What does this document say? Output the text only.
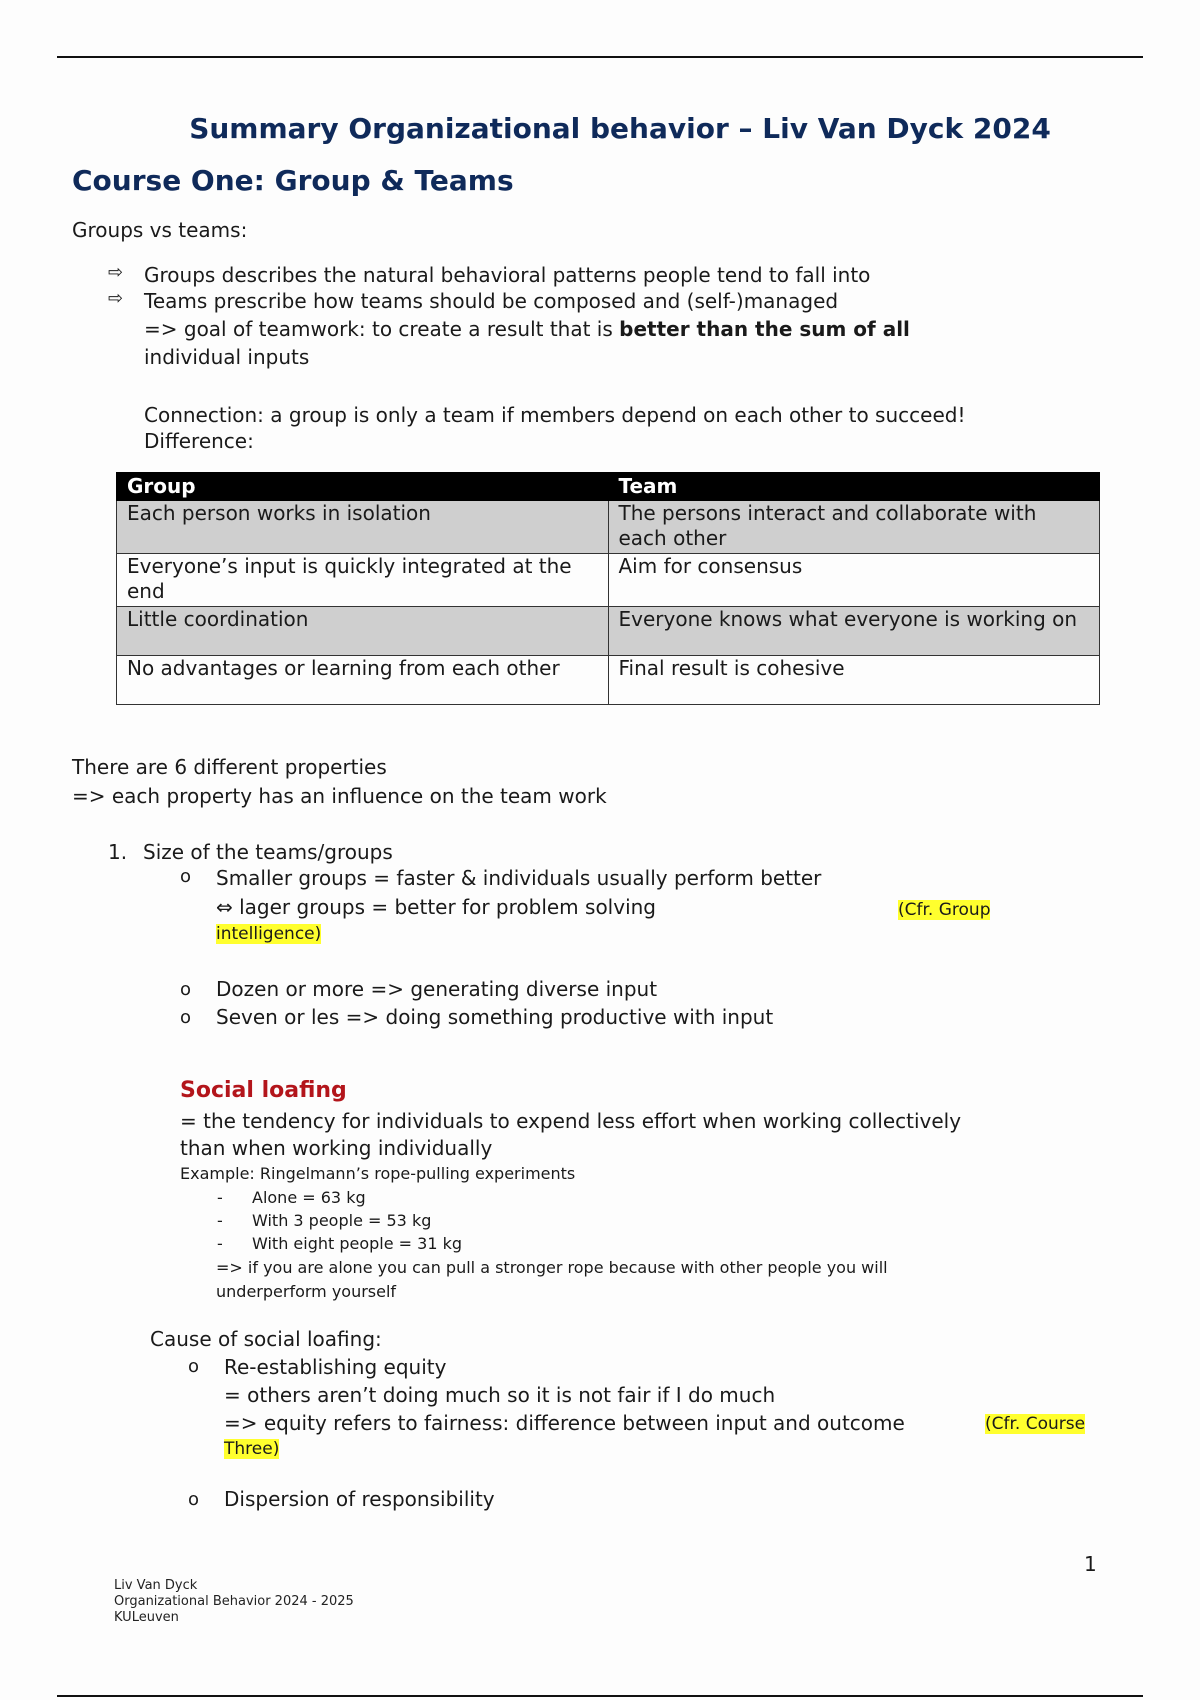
Summary Organizational behavior – Liv Van Dyck 2024
Course One: Group & Teams
Groups vs teams:
⇨ Groups describes the natural behavioral patterns people tend to fall into
⇨ Teams prescribe how teams should be composed and (self-)managed
=> goal of teamwork: to create a result that is better than the sum of all
individual inputs
Connection: a group is only a team if members depend on each other to succeed!
Difference:
Group	Team
Each person works in isolation	The persons interact and collaborate with each other
Everyone’s input is quickly integrated at the end	Aim for consensus
Little coordination	Everyone knows what everyone is working on
No advantages or learning from each other	Final result is cohesive
There are 6 different properties
=> each property has an influence on the team work
1. Size of the teams/groups
o Smaller groups = faster & individuals usually perform better
⇔ lager groups = better for problem solving	(Cfr. Group
intelligence)
o Dozen or more => generating diverse input
o Seven or les => doing something productive with input
Social loafing
= the tendency for individuals to expend less effort when working collectively
than when working individually
Example: Ringelmann’s rope-pulling experiments
- Alone = 63 kg
- With 3 people = 53 kg
- With eight people = 31 kg
=> if you are alone you can pull a stronger rope because with other people you will
underperform yourself
Cause of social loafing:
o Re-establishing equity
= others aren’t doing much so it is not fair if I do much
=> equity refers to fairness: difference between input and outcome	(Cfr. Course
Three)
o Dispersion of responsibility
1
Liv Van Dyck
Organizational Behavior 2024 - 2025
KULeuven
